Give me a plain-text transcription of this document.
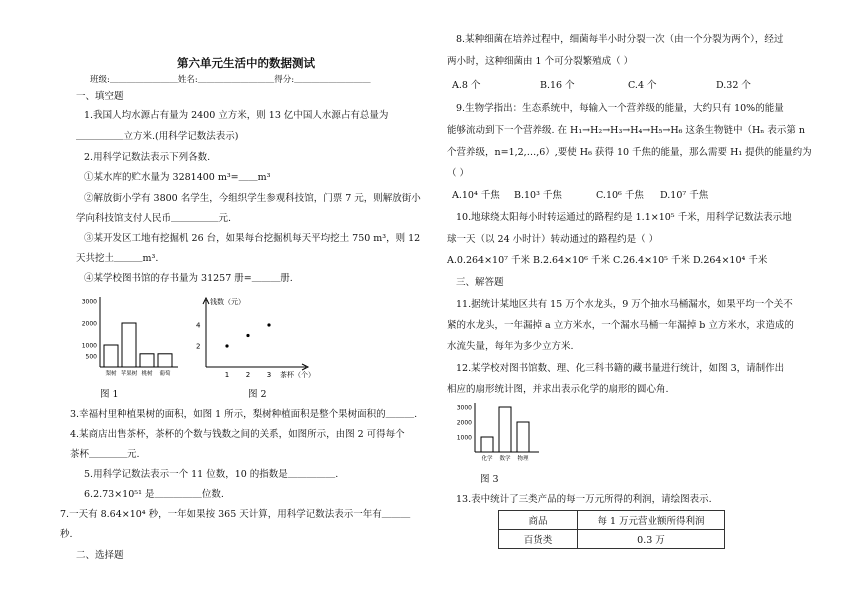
第六单元生活中的数据测试
班级:＿＿＿＿＿＿＿＿姓名:＿＿＿＿＿＿＿＿＿得分:＿＿＿＿＿＿＿＿＿
一、填空题
1.我国人均水源占有量为 2400 立方米，则 13 亿中国人水源占有总量为
＿＿＿＿＿立方米.(用科学记数法表示)
2.用科学记数法表示下列各数.
①某水库的贮水量为 3281400 m³=＿＿m³
②解放街小学有 3800 名学生，今组织学生参观科技馆，门票 7 元，则解放街小
学向科技馆支付人民币＿＿＿＿＿元.
③某开发区工地有挖掘机 26 台，如果每台挖掘机每天平均挖土 750 m³，则 12
天共挖土＿＿＿m³.
④某学校图书馆的存书量为 31257 册=＿＿＿册.
3000
2000
1000
500
梨树 苹果树 桃树 葡萄
图 1
钱数（元）
茶杯（个）
4
2
1 2 3
图 2
3.幸福村里种植果树的面积，如图 1 所示，梨树种植面积是整个果树面积的＿＿＿.
4.某商店出售茶杯，茶杯的个数与钱数之间的关系，如图所示，由图 2 可得每个
茶杯＿＿＿＿元.
5.用科学记数法表示一个 11 位数，10 的指数是＿＿＿＿＿.
6.2.73×10⁵¹ 是＿＿＿＿＿位数.
7.一天有 8.64×10⁴ 秒，一年如果按 365 天计算，用科学记数法表示一年有＿＿＿
秒.
二、选择题
8.某种细菌在培养过程中，细菌每半小时分裂一次（由一个分裂为两个），经过
两小时，这种细菌由 1 个可分裂繁殖成（ ）
A.8 个	B.16 个	C.4 个	D.32 个
9.生物学指出：生态系统中，每输入一个营养级的能量，大约只有 10%的能量
能够流动到下一个营养级. 在 H₁→H₂→H₃→H₄→H₅→H₆ 这条生物链中（Hₙ 表示第 n
个营养级，n=1,2,…,6）,要使 H₆ 获得 10 千焦的能量，那么需要 H₁ 提供的能量约为
（ ）
A.10⁴ 千焦 B.10³ 千焦	C.10⁶ 千焦 D.10⁷ 千焦
10.地球绕太阳每小时转运通过的路程约是 1.1×10⁵ 千米，用科学记数法表示地
球一天（以 24 小时计）转动通过的路程约是（ ）
A.0.264×10⁷ 千米 B.2.64×10⁶ 千米 C.26.4×10⁵ 千米 D.264×10⁴ 千米
三、解答题
11.据统计某地区共有 15 万个水龙头，9 万个抽水马桶漏水，如果平均一个关不
紧的水龙头，一年漏掉 a 立方米水，一个漏水马桶一年漏掉 b 立方米水，求造成的
水流失量，每年为多少立方米.
12.某学校对图书馆数、理、化三科书籍的藏书量进行统计，如图 3，请制作出
相应的扇形统计图，并求出表示化学的扇形的圆心角.
3000
2000
1000
化学 数学 物理
图 3
13.表中统计了三类产品的每一万元所得的利润，请绘图表示.
商品	每 1 万元营业额所得利润
百货类	0.3 万
